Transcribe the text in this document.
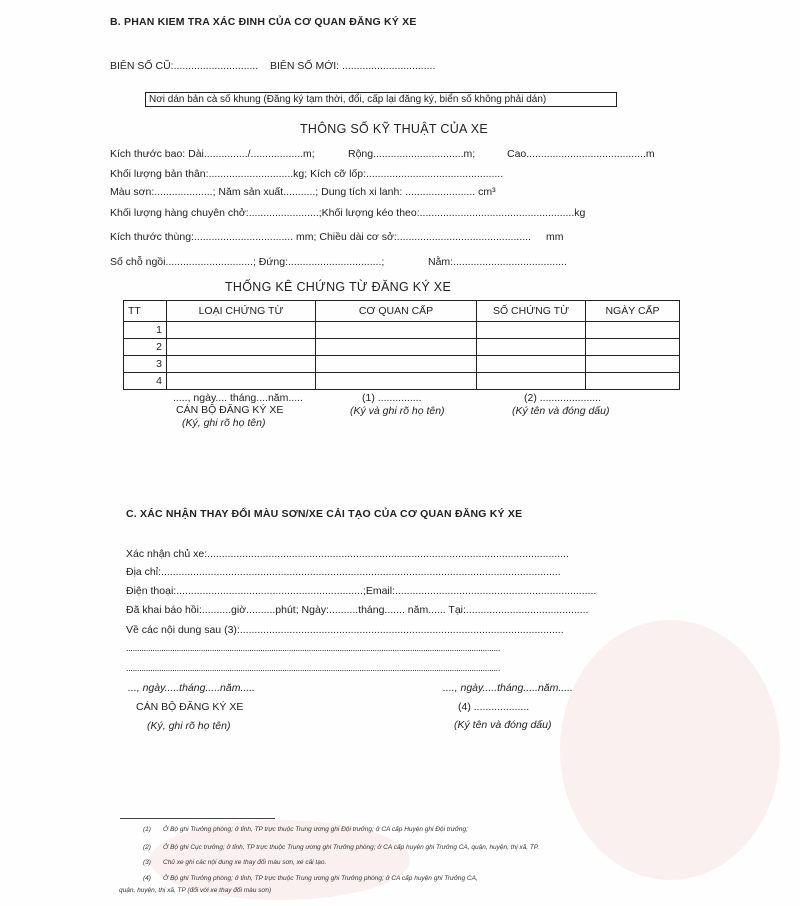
B. PHAN KIEM TRA XÁC ĐINH CỦA CƠ QUAN ĐĂNG KÝ XE
BIÊN SỐ CŨ:............................. BIÊN SỐ MỚI: ................................
Nơi dán bản cà số khung (Đăng ký tạm thời, đổi, cấp lại đăng ký, biển số không phải dán)
THÔNG SỐ KỸ THUẬT CỦA XE
Kích thước bao: Dài.............../..................m;	Rộng...............................m;	Cao.........................................m
Khối lượng bản thân:.............................kg; Kích cỡ lốp:...............................................
Màu sơn:....................; Năm sản xuất...........; Dung tích xi lanh: ........................ cm³
Khối lượng hàng chuyên chở:........................;Khối lượng kéo theo:.....................................................kg
Kích thước thùng:.................................. mm; Chiều dài cơ sở:.............................................. mm
Số chỗ ngồi..............................; Đứng:................................;	Nằm:.......................................
THỐNG KÊ CHỨNG TỪ ĐĂNG KÝ XE
TT	LOẠI CHỨNG TỪ	CƠ QUAN CẤP	SỐ CHỨNG TỪ	NGÀY CẤP
1				
2				
3				
4				
....., ngày.... tháng....năm.....
CÁN BỘ ĐĂNG KÝ XE
(Ký, ghi rõ họ tên)
(1) ...............
(Ký và ghi rõ họ tên)
(2) .....................
(Ký tên và đóng dấu)
C. XÁC NHẬN THAY ĐỔI MÀU SƠN/XE CẢI TẠO CỦA CƠ QUAN ĐĂNG KÝ XE
Xác nhận chủ xe:............................................................................................................................
Địa chỉ:.........................................................................................................................................
Điện thoại:................................................................;Email:.....................................................................
Đã khai báo hồi:..........giờ..........phút; Ngày:..........tháng....... năm...... Tại:..........................................
Về các nội dung sau (3):...............................................................................................................
..........................................................................................................................................................................
..........................................................................................................................................................................
..., ngày.....tháng.....năm.....
CÁN BỘ ĐĂNG KÝ XE
(Ký, ghi rõ họ tên)
...., ngày.....tháng.....năm.....
(4) ...................
(Ký tên và đóng dấu)
(1) Ở Bộ ghi Trưởng phòng; ở tỉnh, TP trực thuộc Trung ương ghi Đội trưởng; ở CA cấp Huyện ghi Đội trưởng;
(2) Ở Bộ ghi Cục trưởng; ở tỉnh, TP trực thuộc Trung ương ghi Trưởng phòng; ở CA cấp huyện ghi Trưởng CA, quận, huyện, thị xã, TP.
(3) Chủ xe ghi các nội dung xe thay đổi màu sơn, xe cải tạo.
(4) Ở Bộ ghi Trưởng phòng; ở tỉnh, TP trực thuộc Trung ương ghi Trưởng phòng; ở CA cấp huyện ghi Trưởng CA,
quận, huyện, thị xã, TP (đối với xe thay đổi màu sơn)
